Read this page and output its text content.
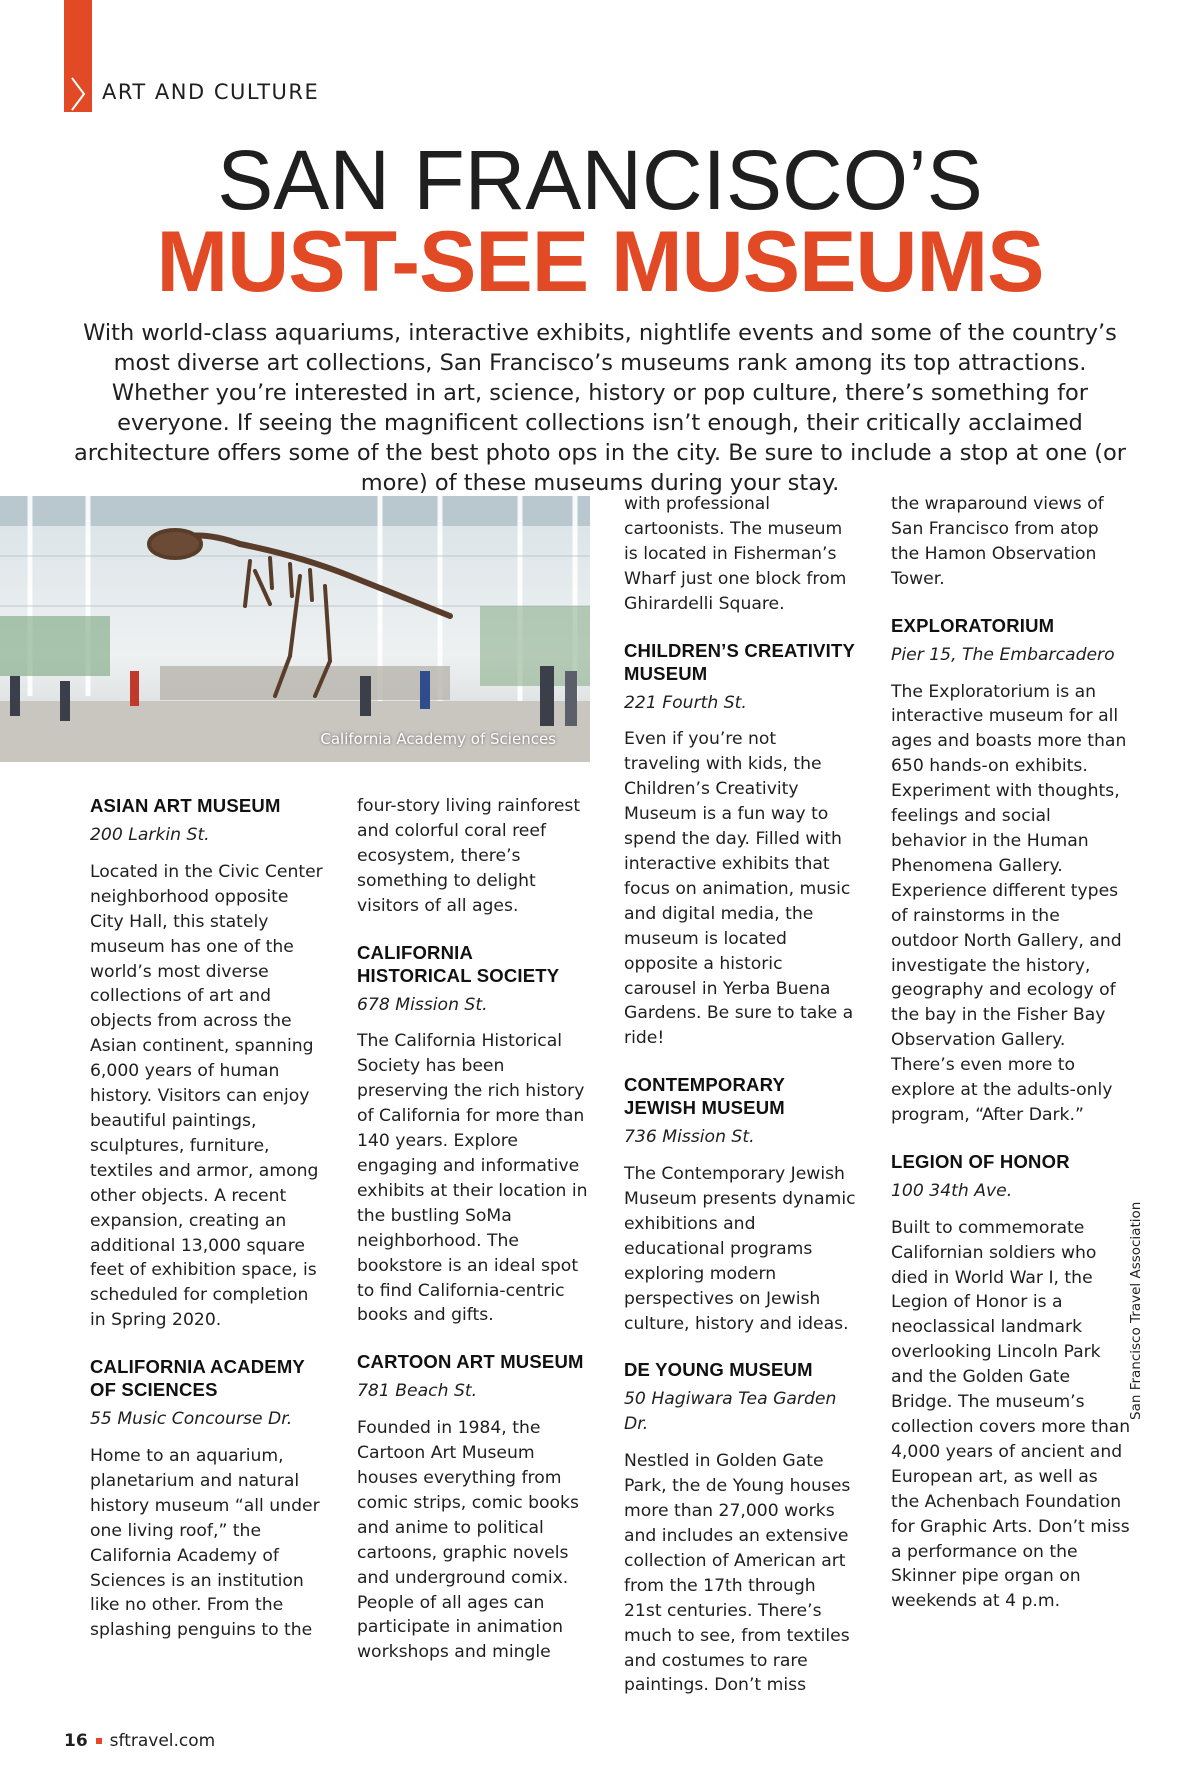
ART AND CULTURE
SAN FRANCISCO’S
MUST-SEE MUSEUMS
With world-class aquariums, interactive exhibits, nightlife events and some of the country’s most diverse art collections, San Francisco’s museums rank among its top attractions. Whether you’re interested in art, science, history or pop culture, there’s something for everyone. If seeing the magnificent collections isn’t enough, their critically acclaimed architecture offers some of the best photo ops in the city. Be sure to include a stop at one (or more) of these museums during your stay.
California Academy of Sciences
ASIAN ART MUSEUM

200 Larkin St.

Located in the Civic Center neighborhood opposite City Hall, this stately museum has one of the world’s most diverse collections of art and objects from across the Asian continent, spanning 6,000 years of human history. Visitors can enjoy beautiful paintings, sculptures, furniture, textiles and armor, among other objects. A recent expansion, creating an additional 13,000 square feet of exhibition space, is scheduled for completion in Spring 2020.

CALIFORNIA ACADEMY OF SCIENCES

55 Music Concourse Dr.

Home to an aquarium, planetarium and natural history museum “all under one living roof,” the California Academy of Sciences is an institution like no other. From the splashing penguins to the

four-story living rainforest and colorful coral reef ecosystem, there’s something to delight visitors of all ages.

CALIFORNIA HISTORICAL SOCIETY

678 Mission St.

The California Historical Society has been preserving the rich history of California for more than 140 years. Explore engaging and informative exhibits at their location in the bustling SoMa neighborhood. The bookstore is an ideal spot to find California-centric books and gifts.

CARTOON ART MUSEUM

781 Beach St.

Founded in 1984, the Cartoon Art Museum houses everything from comic strips, comic books and anime to political cartoons, graphic novels and underground comix. People of all ages can participate in animation workshops and mingle

with professional cartoonists. The museum is located in Fisherman’s Wharf just one block from Ghirardelli Square.

CHILDREN’S CREATIVITY MUSEUM

221 Fourth St.

Even if you’re not traveling with kids, the Children’s Creativity Museum is a fun way to spend the day. Filled with interactive exhibits that focus on animation, music and digital media, the museum is located opposite a historic carousel in Yerba Buena Gardens. Be sure to take a ride!

CONTEMPORARY JEWISH MUSEUM

736 Mission St.

The Contemporary Jewish Museum presents dynamic exhibitions and educational programs exploring modern perspectives on Jewish culture, history and ideas.

DE YOUNG MUSEUM

50 Hagiwara Tea Garden Dr.

Nestled in Golden Gate Park, the de Young houses more than 27,000 works and includes an extensive collection of American art from the 17th through 21st centuries. There’s much to see, from textiles and costumes to rare paintings. Don’t miss

the wraparound views of San Francisco from atop the Hamon Observation Tower.

EXPLORATORIUM

Pier 15, The Embarcadero

The Exploratorium is an interactive museum for all ages and boasts more than 650 hands-on exhibits. Experiment with thoughts, feelings and social behavior in the Human Phenomena Gallery. Experience different types of rainstorms in the outdoor North Gallery, and investigate the history, geography and ecology of the bay in the Fisher Bay Observation Gallery. There’s even more to explore at the adults-only program, “After Dark.”

LEGION OF HONOR

100 34th Ave.

Built to commemorate Californian soldiers who died in World War I, the Legion of Honor is a neoclassical landmark overlooking Lincoln Park and the Golden Gate Bridge. The museum’s collection covers more than 4,000 years of ancient and European art, as well as the Achenbach Foundation for Graphic Arts. Don’t miss a performance on the Skinner pipe organ on weekends at 4 p.m.

San Francisco Travel Association
16 sftravel.com
